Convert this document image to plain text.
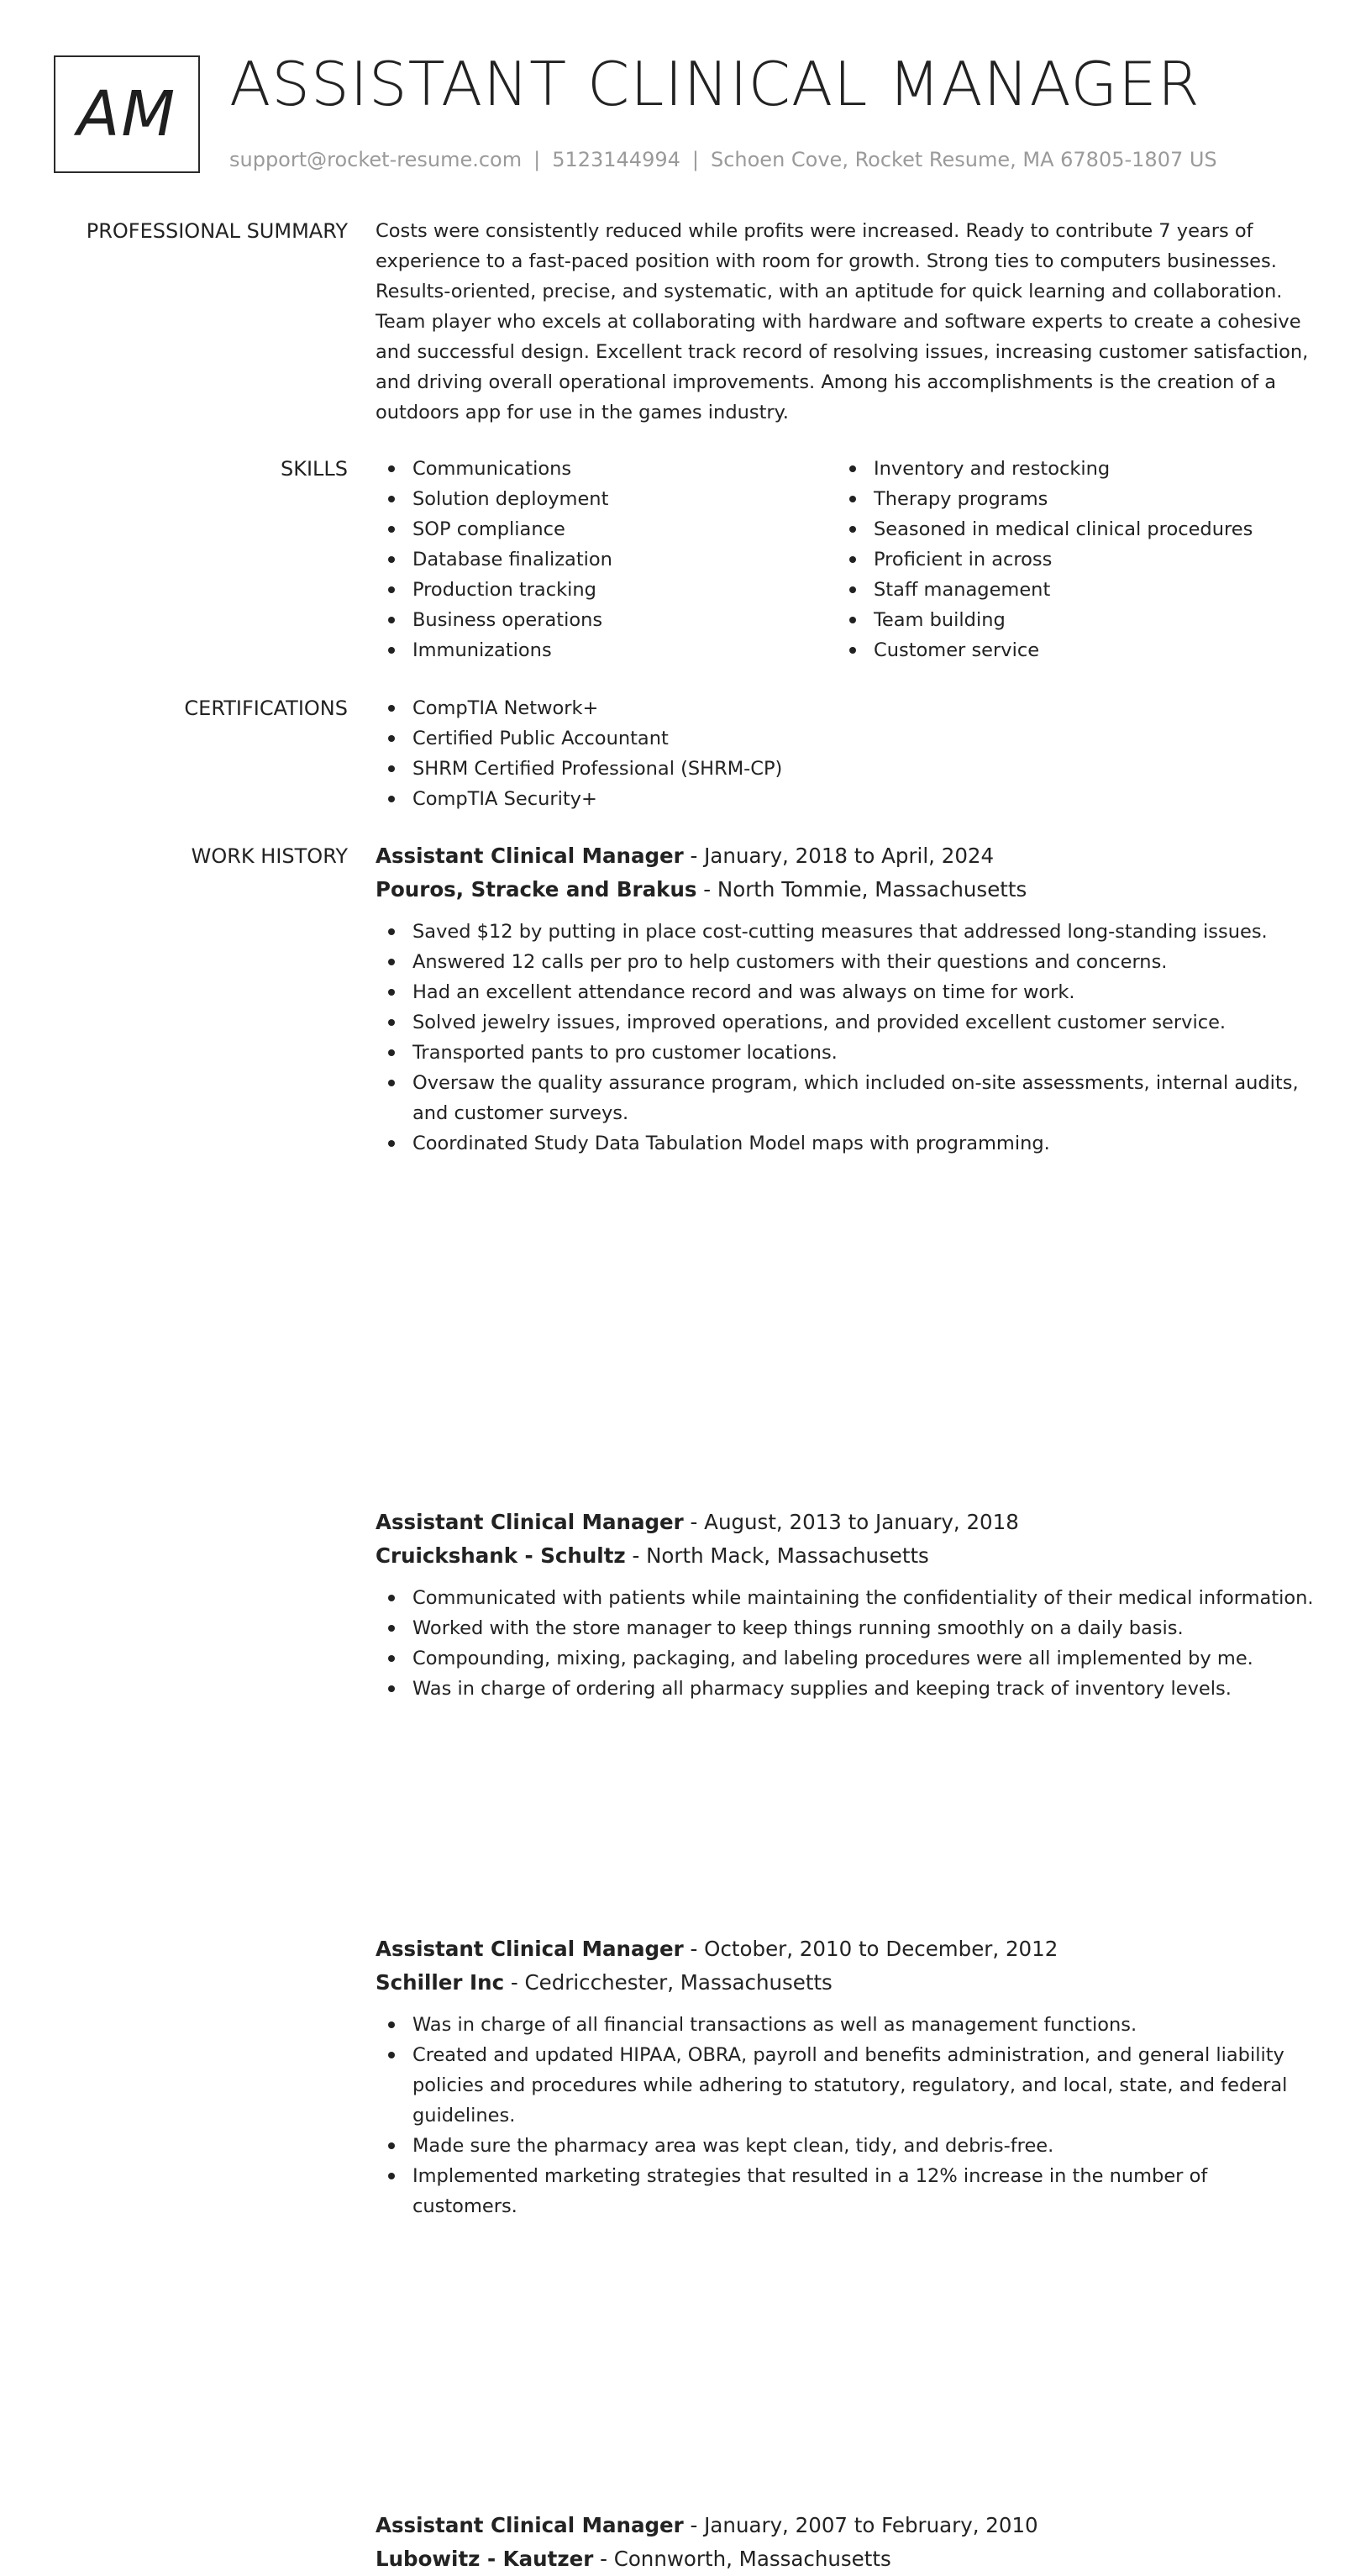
AM ASSISTANT CLINICAL MANAGER
support@rocket-resume.com | 5123144994 | Schoen Cove, Rocket Resume, MA 67805-1807 US
PROFESSIONAL SUMMARY Costs were consistently reduced while profits were increased. Ready to contribute 7 years of experience to a fast-paced position with room for growth. Strong ties to computers businesses. Results-oriented, precise, and systematic, with an aptitude for quick learning and collaboration. Team player who excels at collaborating with hardware and software experts to create a cohesive and successful design. Excellent track record of resolving issues, increasing customer satisfaction, and driving overall operational improvements. Among his accomplishments is the creation of a outdoors app for use in the games industry.

SKILLS	Communications
Solution deployment
SOP compliance
Database finalization
Production tracking
Business operations
Immunizations
Inventory and restocking
Therapy programs
Seasoned in medical clinical procedures
Proficient in across
Staff management
Team building
Customer service
CERTIFICATIONS	CompTIA Network+
Certified Public Accountant
SHRM Certified Professional (SHRM-CP)
CompTIA Security+
WORK HISTORY Assistant Clinical Manager - January, 2018 to April, 2024
Pouros, Stracke and Brakus - North Tommie, Massachusetts
Saved $12 by putting in place cost-cutting measures that addressed long-standing issues.
Answered 12 calls per pro to help customers with their questions and concerns.
Had an excellent attendance record and was always on time for work.
Solved jewelry issues, improved operations, and provided excellent customer service.
Transported pants to pro customer locations.
Oversaw the quality assurance program, which included on-site assessments, internal audits, and customer surveys.
Coordinated Study Data Tabulation Model maps with programming.
Assistant Clinical Manager - August, 2013 to January, 2018
Cruickshank - Schultz - North Mack, Massachusetts
Communicated with patients while maintaining the confidentiality of their medical information.
Worked with the store manager to keep things running smoothly on a daily basis.
Compounding, mixing, packaging, and labeling procedures were all implemented by me.
Was in charge of ordering all pharmacy supplies and keeping track of inventory levels.
Assistant Clinical Manager - October, 2010 to December, 2012
Schiller Inc - Cedricchester, Massachusetts
Was in charge of all financial transactions as well as management functions.
Created and updated HIPAA, OBRA, payroll and benefits administration, and general liability policies and procedures while adhering to statutory, regulatory, and local, state, and federal guidelines.
Made sure the pharmacy area was kept clean, tidy, and debris-free.
Implemented marketing strategies that resulted in a 12% increase in the number of customers.
Assistant Clinical Manager - January, 2007 to February, 2010
Lubowitz - Kautzer - Connworth, Massachusetts
